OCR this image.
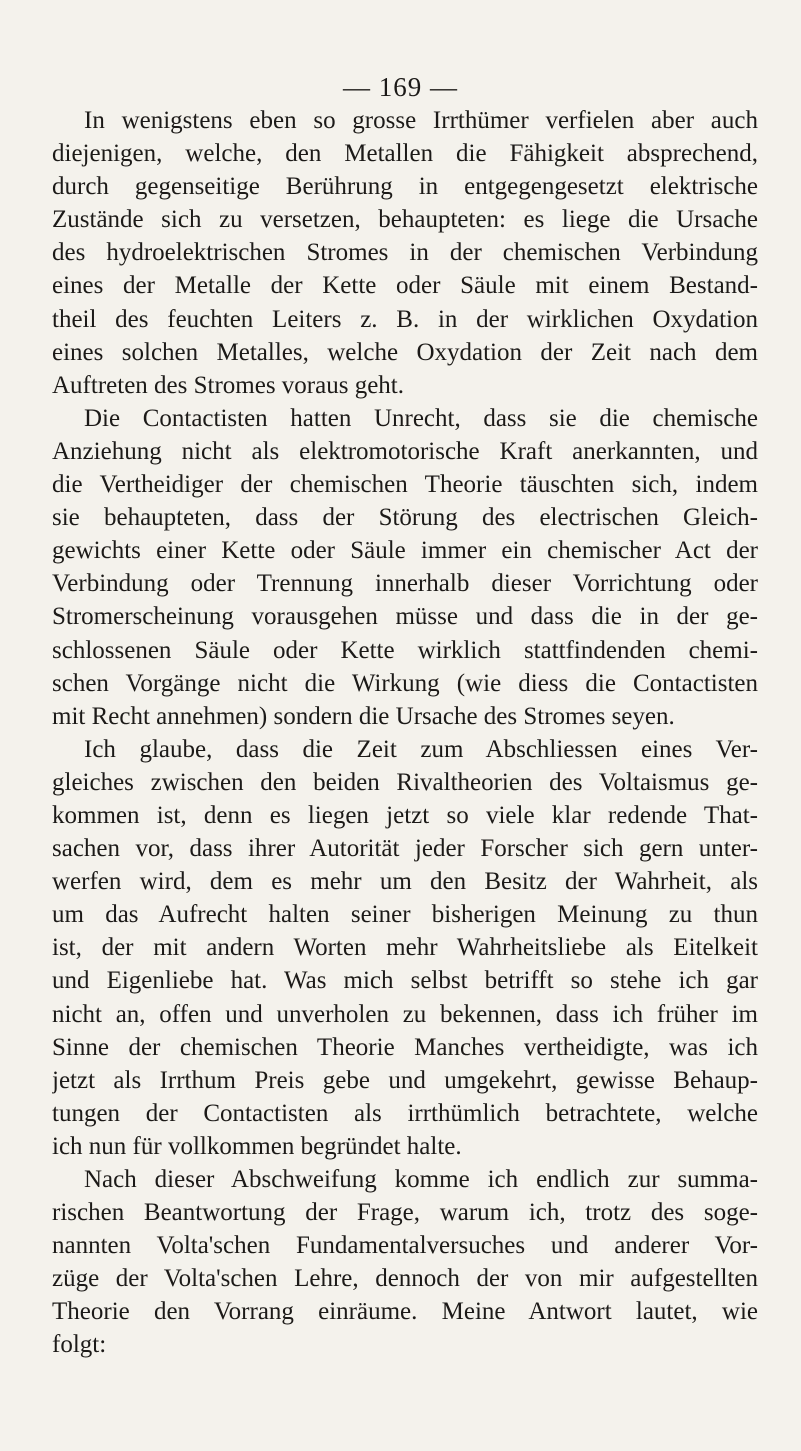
— 169 —
In wenigstens eben so grosse Irrthümer verfielen aber auch
diejenigen, welche, den Metallen die Fähigkeit absprechend,
durch gegenseitige Berührung in entgegengesetzt elektrische
Zustände sich zu versetzen, behaupteten: es liege die Ursache
des hydroelektrischen Stromes in der chemischen Verbindung
eines der Metalle der Kette oder Säule mit einem Bestand-
theil des feuchten Leiters z. B. in der wirklichen Oxydation
eines solchen Metalles, welche Oxydation der Zeit nach dem
Auftreten des Stromes voraus geht.
Die Contactisten hatten Unrecht, dass sie die chemische
Anziehung nicht als elektromotorische Kraft anerkannten, und
die Vertheidiger der chemischen Theorie täuschten sich, indem
sie behaupteten, dass der Störung des electrischen Gleich-
gewichts einer Kette oder Säule immer ein chemischer Act der
Verbindung oder Trennung innerhalb dieser Vorrichtung oder
Stromerscheinung vorausgehen müsse und dass die in der ge-
schlossenen Säule oder Kette wirklich stattfindenden chemi-
schen Vorgänge nicht die Wirkung (wie diess die Contactisten
mit Recht annehmen) sondern die Ursache des Stromes seyen.
Ich glaube, dass die Zeit zum Abschliessen eines Ver-
gleiches zwischen den beiden Rivaltheorien des Voltaismus ge-
kommen ist, denn es liegen jetzt so viele klar redende That-
sachen vor, dass ihrer Autorität jeder Forscher sich gern unter-
werfen wird, dem es mehr um den Besitz der Wahrheit, als
um das Aufrecht halten seiner bisherigen Meinung zu thun
ist, der mit andern Worten mehr Wahrheitsliebe als Eitelkeit
und Eigenliebe hat. Was mich selbst betrifft so stehe ich gar
nicht an, offen und unverholen zu bekennen, dass ich früher im
Sinne der chemischen Theorie Manches vertheidigte, was ich
jetzt als Irrthum Preis gebe und umgekehrt, gewisse Behaup-
tungen der Contactisten als irrthümlich betrachtete, welche
ich nun für vollkommen begründet halte.
Nach dieser Abschweifung komme ich endlich zur summa-
rischen Beantwortung der Frage, warum ich, trotz des soge-
nannten Volta'schen Fundamentalversuches und anderer Vor-
züge der Volta'schen Lehre, dennoch der von mir aufgestellten
Theorie den Vorrang einräume. Meine Antwort lautet, wie
folgt:
